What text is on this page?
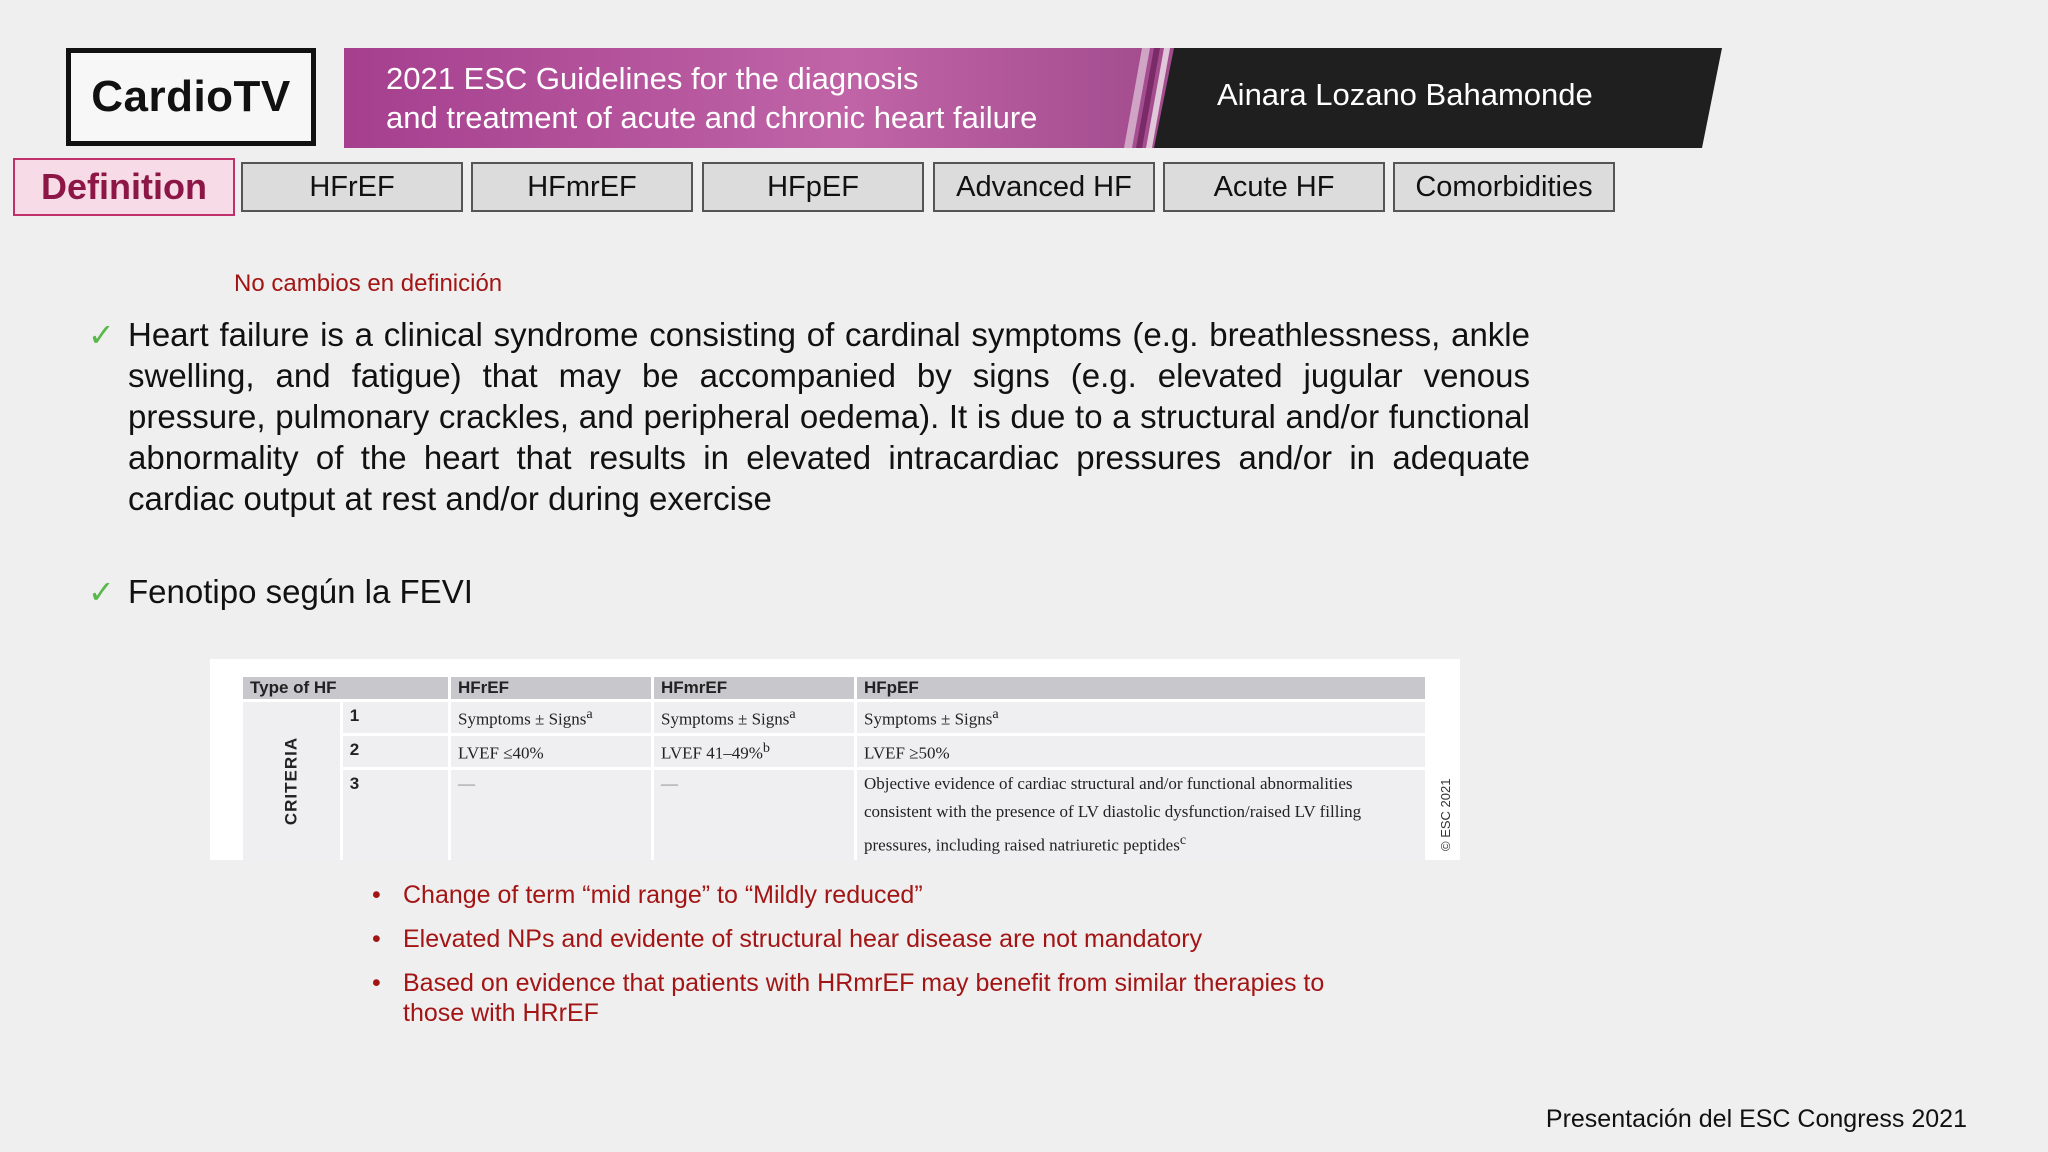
CardioTV	2021 ESC Guidelines for the diagnosis
and treatment of acute and chronic heart failure
Ainara Lozano Bahamonde
Definition	HFrEF	HFmrEF	HFpEF	Advanced HF	Acute HF	Comorbidities
No cambios en definición
✓ Heart failure is a clinical syndrome consisting of cardinal symptoms (e.g. breathlessness, ankle swelling, and fatigue) that may be accompanied by signs (e.g. elevated jugular venous pressure, pulmonary crackles, and peripheral oedema). It is due to a structural and/or functional abnormality of the heart that results in elevated intracardiac pressures and/or in adequate cardiac output at rest and/or during exercise
✓ Fenotipo según la FEVI
Type of HF		HFrEF	HFmrEF	HFpEF

CRITERIA	1	Symptoms ± Signs$^a$	Symptoms ± Signs$^a$	Symptoms ± Signs$^a$
	2	LVEF ≤40%	LVEF 41–49%$^b$	LVEF ≥50%
	3	—	—	Objective evidence of cardiac structural and/or functional abnormalities consistent with the presence of LV diastolic dysfunction/raised LV filling pressures, including raised natriuretic peptides$^c$	© ESC 2021
• Change of term “mid range” to “Mildly reduced”
• Elevated NPs and evidente of structural hear disease are not mandatory
• Based on evidence that patients with HRmrEF may benefit from similar therapies to those with HRrEF
Presentación del ESC Congress 2021
